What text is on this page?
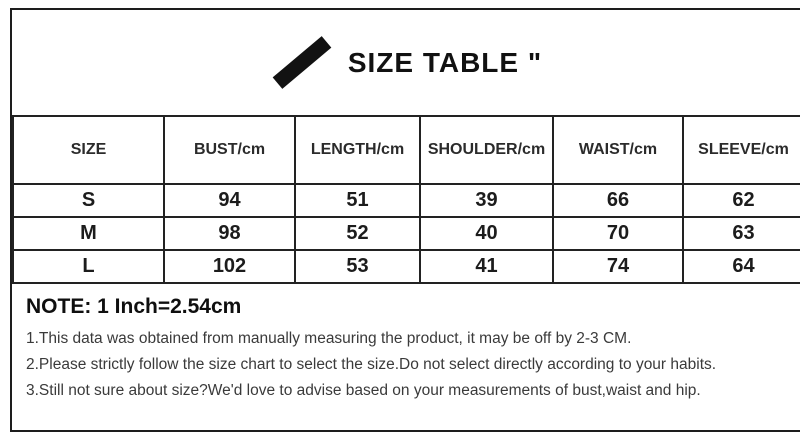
SIZE TABLE "
SIZE	BUST/cm	LENGTH/cm	SHOULDER/cm	WAIST/cm	SLEEVE/cm
S	94	51	39	66	62
M	98	52	40	70	63
L	102	53	41	74	64
NOTE: 1 Inch=2.54cm
1.This data was obtained from manually measuring the product, it may be off by 2-3 CM.
2.Please strictly follow the size chart to select the size.Do not select directly according to your habits.
3.Still not sure about size?We'd love to advise based on your measurements of bust,waist and hip.
